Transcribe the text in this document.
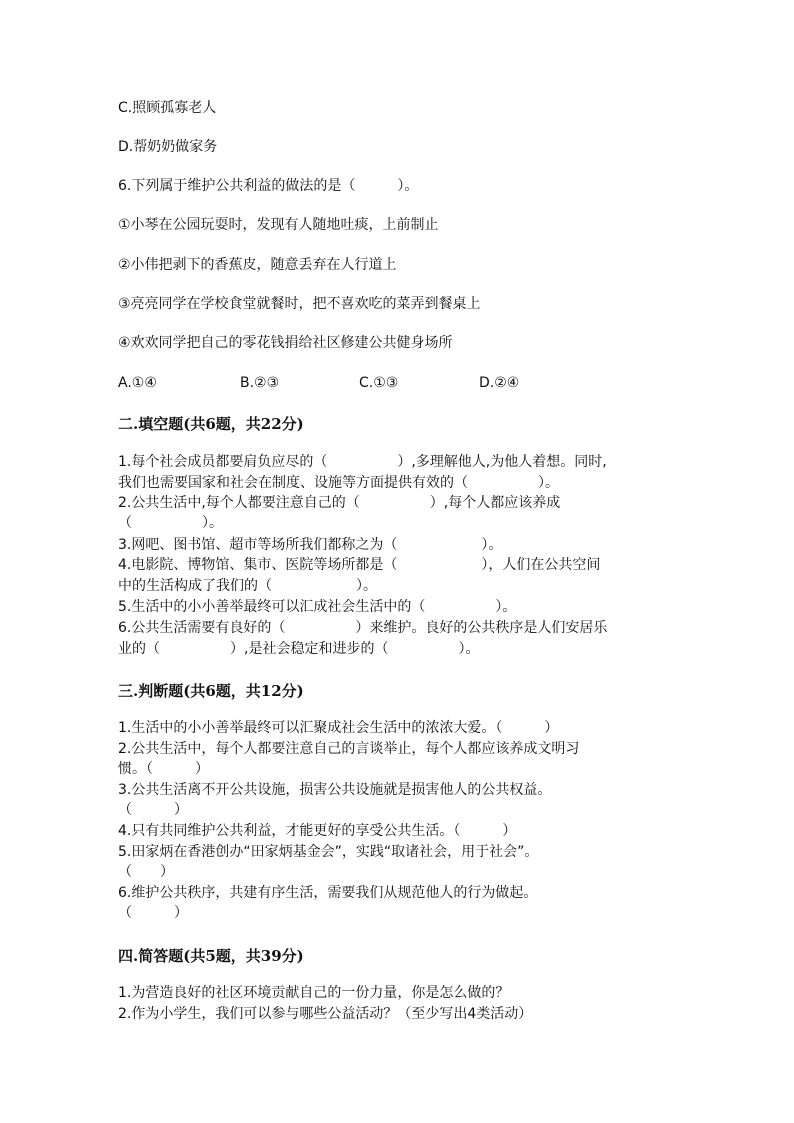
C.照顾孤寡老人
D.帮奶奶做家务
6.下列属于维护公共利益的做法的是（　　　）。
①小琴在公园玩耍时，发现有人随地吐痰，上前制止
②小伟把剥下的香蕉皮，随意丢弃在人行道上
③亮亮同学在学校食堂就餐时，把不喜欢吃的菜弄到餐桌上
④欢欢同学把自己的零花钱捐给社区修建公共健身场所
A.①④	B.②③	C.①③	D.②④
二.填空题(共6题，共22分)
1.每个社会成员都要肩负应尽的（　　　　　）,多理解他人,为他人着想。同时,
我们也需要国家和社会在制度、设施等方面提供有效的（　　　　　）。
2.公共生活中,每个人都要注意自己的（　　　　　）,每个人都应该养成
（　　　　　）。
3.网吧、图书馆、超市等场所我们都称之为（　　　　　　）。
4.电影院、博物馆、集市、医院等场所都是（　　　　　　），人们在公共空间
中的生活构成了我们的（　　　　　　）。
5.生活中的小小善举最终可以汇成社会生活中的（　　　　　）。
6.公共生活需要有良好的（　　　　　）来维护。良好的公共秩序是人们安居乐
业的（　　　　　）,是社会稳定和进步的（　　　　　）。
三.判断题(共6题，共12分)
1.生活中的小小善举最终可以汇聚成社会生活中的浓浓大爱。（　　　）
2.公共生活中，每个人都要注意自己的言谈举止，每个人都应该养成文明习
惯。（　　　）
3.公共生活离不开公共设施，损害公共设施就是损害他人的公共权益。
（　　　）
4.只有共同维护公共利益，才能更好的享受公共生活。（　　　）
5.田家炳在香港创办“田家炳基金会”，实践“取诸社会，用于社会”。
（　　）
6.维护公共秩序，共建有序生活，需要我们从规范他人的行为做起。
（　　　）
四.简答题(共5题，共39分)
1.为营造良好的社区环境贡献自己的一份力量，你是怎么做的？
2.作为小学生，我们可以参与哪些公益活动？（至少写出4类活动）
